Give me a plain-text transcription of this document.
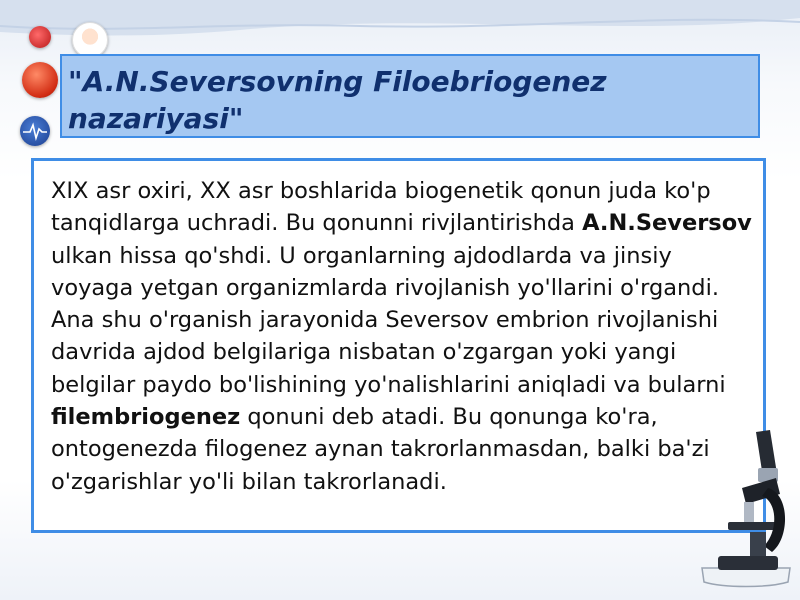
"A.N.Seversovning Filoebriogenez nazariyasi"

XIX asr oxiri, XX asr boshlarida biogenetik qonun juda ko'p tanqidlarga uchradi. Bu qonunni rivjlantirishda A.N.Seversov ulkan hissa qo'shdi. U organlarning ajdodlarda va jinsiy voyaga yetgan organizmlarda rivojlanish yo'llarini o'rgandi. Ana shu o'rganish jarayonida Seversov embrion rivojlanishi davrida ajdod belgilariga nisbatan o'zgargan yoki yangi belgilar paydo bo'lishining yo'nalishlarini aniqladi va bularni filembriogenez qonuni deb atadi. Bu qonunga ko'ra, ontogenezda filogenez aynan takrorlanmasdan, balki ba'zi o'zgarishlar yo'li bilan takrorlanadi.
